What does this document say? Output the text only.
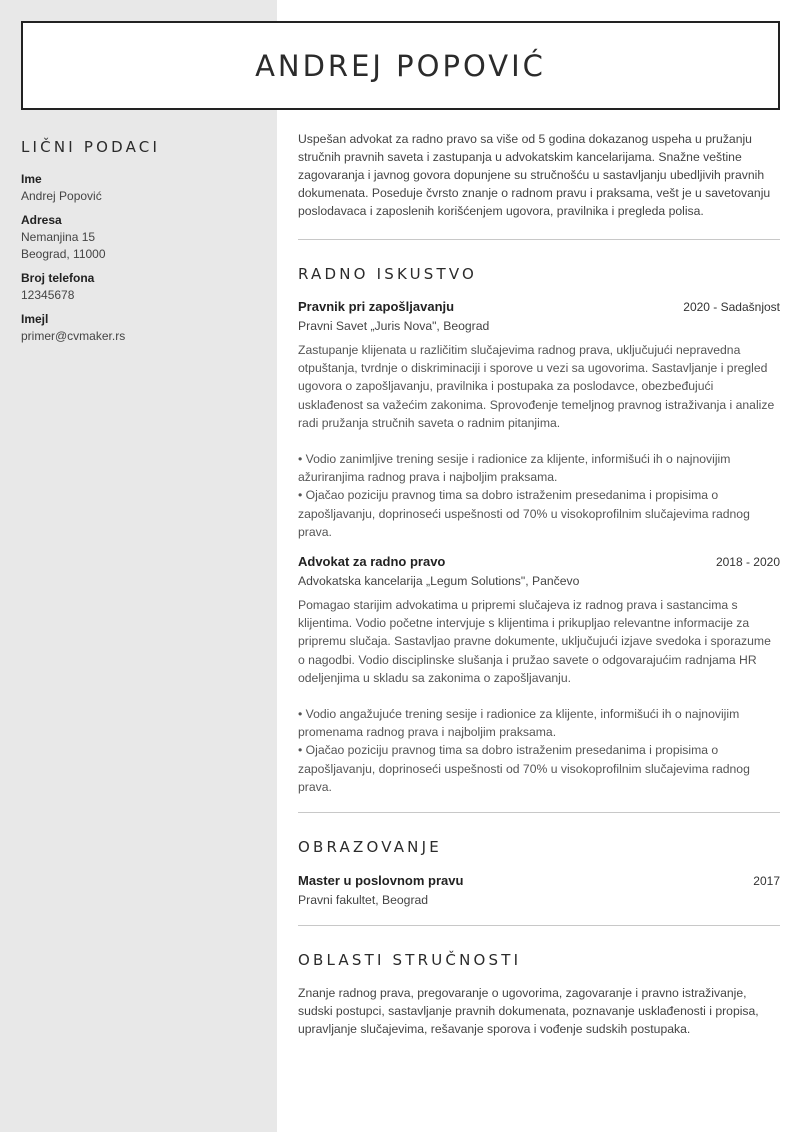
ANDREJ POPOVIĆ
LIČNI PODACI
Ime
Andrej Popović
Adresa
Nemanjina 15
Beograd, 11000
Broj telefona
12345678
Imejl
primer@cvmaker.rs

Uspešan advokat za radno pravo sa više od 5 godina dokazanog uspeha u pružanju stručnih pravnih saveta i zastupanja u advokatskim kancelarijama. Snažne veštine zagovaranja i javnog govora dopunjene su stručnošću u sastavljanju ubedljivih pravnih dokumenata. Poseduje čvrsto znanje o radnom pravu i praksama, vešt je u savetovanju poslodavaca i zaposlenih korišćenjem ugovora, pravilnika i pregleda polisa.

RADNO ISKUSTVO
Pravnik pri zapošljavanju	2020 - Sadašnjost
Pravni Savet „Juris Nova", Beograd

Zastupanje klijenata u različitim slučajevima radnog prava, uključujući nepravedna otpuštanja, tvrdnje o diskriminaciji i sporove u vezi sa ugovorima. Sastavljanje i pregled ugovora o zapošljavanju, pravilnika i postupaka za poslodavce, obezbeđujući usklađenost sa važećim zakonima. Sprovođenje temeljnog pravnog istraživanja i analize radi pružanja stručnih saveta o radnim pitanjima.

• Vodio zanimljive trening sesije i radionice za klijente, informišući ih o najnovijim ažuriranjima radnog prava i najboljim praksama.
• Ojačao poziciju pravnog tima sa dobro istraženim presedanima i propisima o zapošljavanju, doprinoseći uspešnosti od 70% u visokoprofilnim slučajevima radnog prava.
Advokat za radno pravo	2018 - 2020
Advokatska kancelarija „Legum Solutions", Pančevo

Pomagao starijim advokatima u pripremi slučajeva iz radnog prava i sastancima s klijentima. Vodio početne intervjuje s klijentima i prikupljao relevantne informacije za pripremu slučaja. Sastavljao pravne dokumente, uključujući izjave svedoka i sporazume o nagodbi. Vodio disciplinske slušanja i pružao savete o odgovarajućim radnjama HR odeljenjima u skladu sa zakonima o zapošljavanju.

• Vodio angažujuće trening sesije i radionice za klijente, informišući ih o najnovijim promenama radnog prava i najboljim praksama.
• Ojačao poziciju pravnog tima sa dobro istraženim presedanima i propisima o zapošljavanju, doprinoseći uspešnosti od 70% u visokoprofilnim slučajevima radnog prava.
OBRAZOVANJE
Master u poslovnom pravu	2017
Pravni fakultet, Beograd
OBLASTI STRUČNOSTI

Znanje radnog prava, pregovaranje o ugovorima, zagovaranje i pravno istraživanje, sudski postupci, sastavljanje pravnih dokumenata, poznavanje usklađenosti i propisa, upravljanje slučajevima, rešavanje sporova i vođenje sudskih postupaka.
